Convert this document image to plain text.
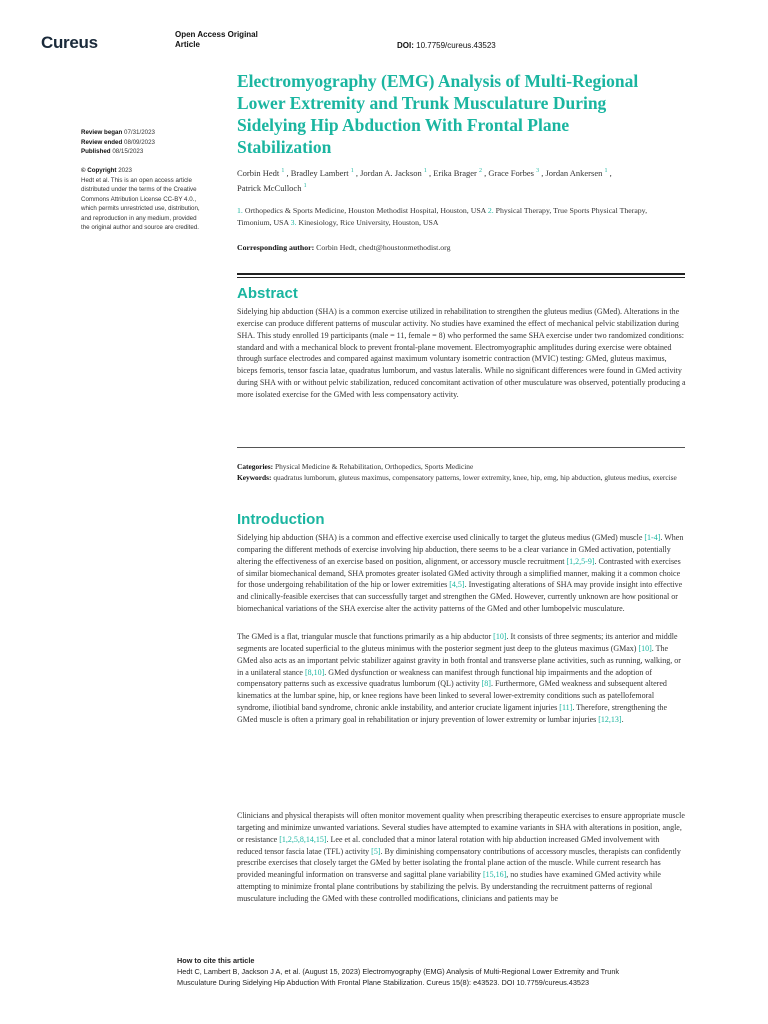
Cureus	Open Access Original
Article	DOI: 10.7759/cureus.43523
Electromyography (EMG) Analysis of Multi-Regional Lower Extremity and Trunk Musculature During Sidelying Hip Abduction With Frontal Plane Stabilization
Review began 07/31/2023
Review ended 08/09/2023
Published 08/15/2023
© Copyright 2023
Hedt et al. This is an open access article
distributed under the terms of the Creative
Commons Attribution License CC-BY 4.0.,
which permits unrestricted use, distribution,
and reproduction in any medium, provided
the original author and source are credited.
Corbin Hedt $^1$ , Bradley Lambert $^1$ , Jordan A. Jackson $^1$ , Erika Brager $^2$ , Grace Forbes $^3$ , Jordan Ankersen $^1$ ,
Patrick McCulloch $^1$
1. Orthopedics & Sports Medicine, Houston Methodist Hospital, Houston, USA 2. Physical Therapy, True Sports Physical Therapy, Timonium, USA 3. Kinesiology, Rice University, Houston, USA
Corresponding author: Corbin Hedt, chedt@houstonmethodist.org
Abstract
Sidelying hip abduction (SHA) is a common exercise utilized in rehabilitation to strengthen the gluteus medius (GMed). Alterations in the exercise can produce different patterns of muscular activity. No studies have examined the effect of mechanical pelvic stabilization during SHA. This study enrolled 19 participants (male = 11, female = 8) who performed the same SHA exercise under two randomized conditions: standard and with a mechanical block to prevent frontal-plane movement. Electromyographic amplitudes during exercise were obtained through surface electrodes and compared against maximum voluntary isometric contraction (MVIC) testing: GMed, gluteus maximus, biceps femoris, tensor fascia latae, quadratus lumborum, and vastus lateralis. While no significant differences were found in GMed activity during SHA with or without pelvic stabilization, reduced concomitant activation of other musculature was observed, potentially producing a more isolated exercise for the GMed with less compensatory activity.
Categories: Physical Medicine & Rehabilitation, Orthopedics, Sports Medicine
Keywords: quadratus lumborum, gluteus maximus, compensatory patterns, lower extremity, knee, hip, emg, hip abduction, gluteus medius, exercise
Introduction
Sidelying hip abduction (SHA) is a common and effective exercise used clinically to target the gluteus medius (GMed) muscle [1-4]. When comparing the different methods of exercise involving hip abduction, there seems to be a clear variance in GMed activation, potentially altering the effectiveness of an exercise based on position, alignment, or accessory muscle recruitment [1,2,5-9]. Contrasted with exercises of similar biomechanical demand, SHA promotes greater isolated GMed activity through a simplified manner, making it a common choice for those undergoing rehabilitation of the hip or lower extremities [4,5]. Investigating alterations of SHA may provide insight into effective and clinically-feasible exercises that can successfully target and strengthen the GMed. However, currently unknown are how positional or biomechanical variations of the SHA exercise alter the activity patterns of the GMed and other lumbopelvic musculature.
The GMed is a flat, triangular muscle that functions primarily as a hip abductor [10]. It consists of three segments; its anterior and middle segments are located superficial to the gluteus minimus with the posterior segment just deep to the gluteus maximus (GMax) [10]. The GMed also acts as an important pelvic stabilizer against gravity in both frontal and transverse plane activities, such as running, walking, or in a unilateral stance [8,10]. GMed dysfunction or weakness can manifest through functional hip impairments and the adoption of compensatory patterns such as excessive quadratus lumborum (QL) activity [8]. Furthermore, GMed weakness and subsequent altered kinematics at the lumbar spine, hip, or knee regions have been linked to several lower-extremity conditions such as patellofemoral syndrome, iliotibial band syndrome, chronic ankle instability, and anterior cruciate ligament injuries [11]. Therefore, strengthening the GMed muscle is often a primary goal in rehabilitation or injury prevention of lower extremity or lumbar injuries [12,13].
Clinicians and physical therapists will often monitor movement quality when prescribing therapeutic exercises to ensure appropriate muscle targeting and minimize unwanted variations. Several studies have attempted to examine variants in SHA with alterations in position, angle, or resistance [1,2,5,8,14,15]. Lee et al. concluded that a minor lateral rotation with hip abduction increased GMed involvement with reduced tensor fascia latae (TFL) activity [5]. By diminishing compensatory contributions of accessory muscles, therapists can confidently prescribe exercises that closely target the GMed by better isolating the frontal plane action of the muscle. While current research has provided meaningful information on transverse and sagittal plane variability [15,16], no studies have examined GMed activity while attempting to minimize frontal plane contributions by stabilizing the pelvis. By understanding the recruitment patterns of regional musculature including the GMed with these controlled modifications, clinicians and patients may be
How to cite this article
Hedt C, Lambert B, Jackson J A, et al. (August 15, 2023) Electromyography (EMG) Analysis of Multi-Regional Lower Extremity and Trunk
Musculature During Sidelying Hip Abduction With Frontal Plane Stabilization. Cureus 15(8): e43523. DOI 10.7759/cureus.43523
